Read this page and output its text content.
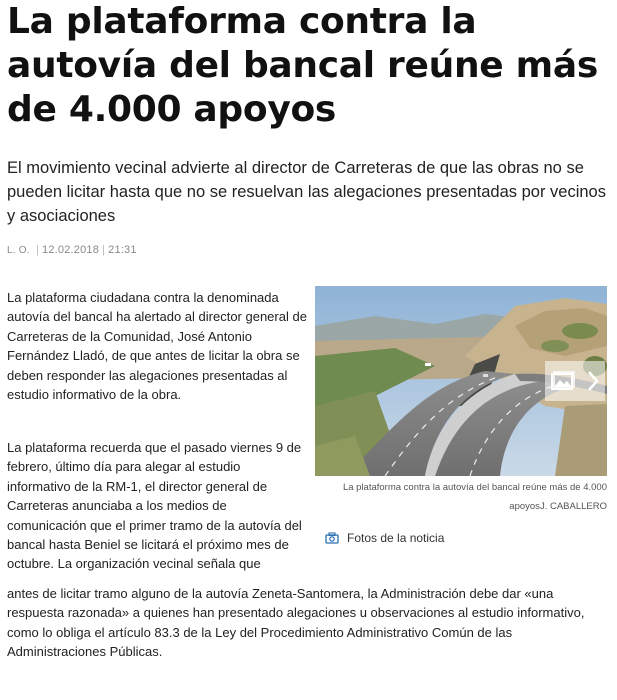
La plataforma contra la autovía del bancal reúne más de 4.000 apoyos
El movimiento vecinal advierte al director de Carreteras de que las obras no se pueden licitar hasta que no se resuelvan las alegaciones presentadas por vecinos y asociaciones
L. O. | 12.02.2018 | 21:31

La plataforma ciudadana contra la denominada autovía del bancal ha alertado al director general de Carreteras de la Comunidad, José Antonio Fernández Lladó, de que antes de licitar la obra se deben responder las alegaciones presentadas al estudio informativo de la obra.

La plataforma recuerda que el pasado viernes 9 de febrero, último día para alegar al estudio informativo de la RM-1, el director general de Carreteras anunciaba a los medios de comunicación que el primer tramo de la autovía del bancal hasta Beniel se licitará el próximo mes de octubre. La organización vecinal señala que

antes de licitar tramo alguno de la autovía Zeneta-Santomera, la Administración debe dar «una respuesta razonada» a quienes han presentado alegaciones u observaciones al estudio informativo, como lo obliga el artículo 83.3 de la Ley del Procedimiento Administrativo Común de las Administraciones Públicas.

La plataforma contra la autovía del bancal reúne más de 4.000
apoyosJ. CABALLERO
Fotos de la noticia
